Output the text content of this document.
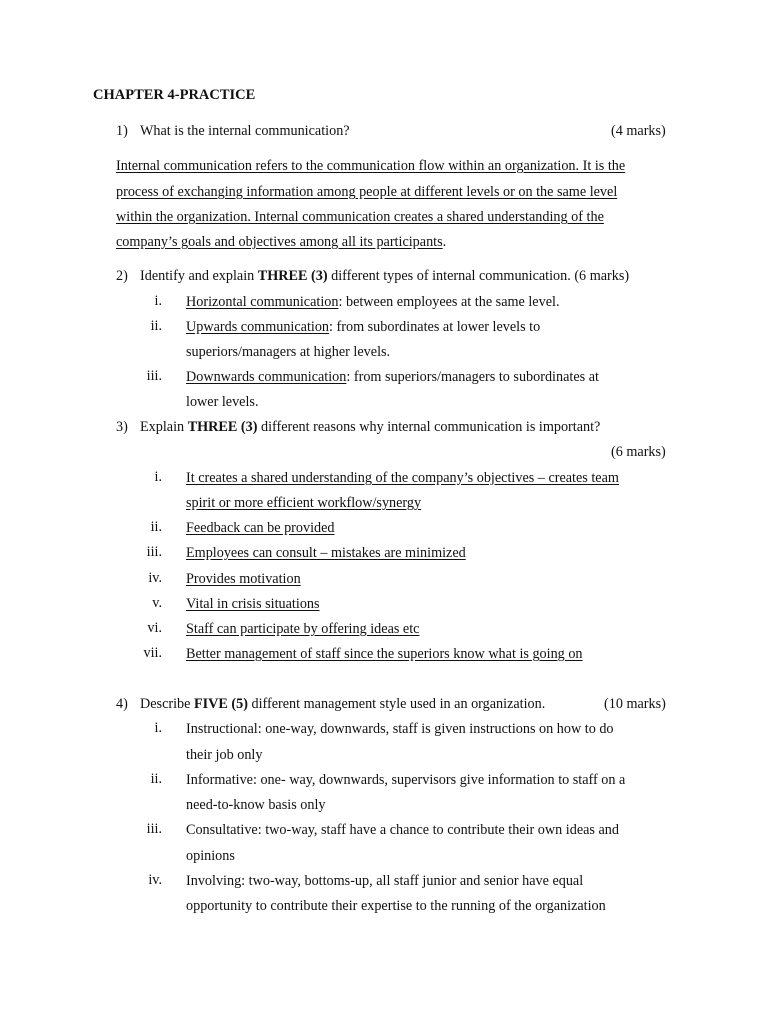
CHAPTER 4-PRACTICE
1) What is the internal communication?	(4 marks)
Internal communication refers to the communication flow within an organization. It is the
process of exchanging information among people at different levels or on the same level
within the organization. Internal communication creates a shared understanding of the
company’s goals and objectives among all its participants.
2) Identify and explain THREE (3) different types of internal communication. (6 marks)
i. Horizontal communication: between employees at the same level.
ii. Upwards communication: from subordinates at lower levels to
superiors/managers at higher levels.
iii. Downwards communication: from superiors/managers to subordinates at
lower levels.
3) Explain THREE (3) different reasons why internal communication is important?
(6 marks)
i. It creates a shared understanding of the company’s objectives – creates team
spirit or more efficient workflow/synergy
ii. Feedback can be provided
iii. Employees can consult – mistakes are minimized
iv. Provides motivation
v. Vital in crisis situations
vi. Staff can participate by offering ideas etc
vii. Better management of staff since the superiors know what is going on
4) Describe FIVE (5) different management style used in an organization.	(10 marks)
i. Instructional: one-way, downwards, staff is given instructions on how to do
their job only
ii. Informative: one- way, downwards, supervisors give information to staff on a
need-to-know basis only
iii. Consultative: two-way, staff have a chance to contribute their own ideas and
opinions
iv. Involving: two-way, bottoms-up, all staff junior and senior have equal
opportunity to contribute their expertise to the running of the organization
